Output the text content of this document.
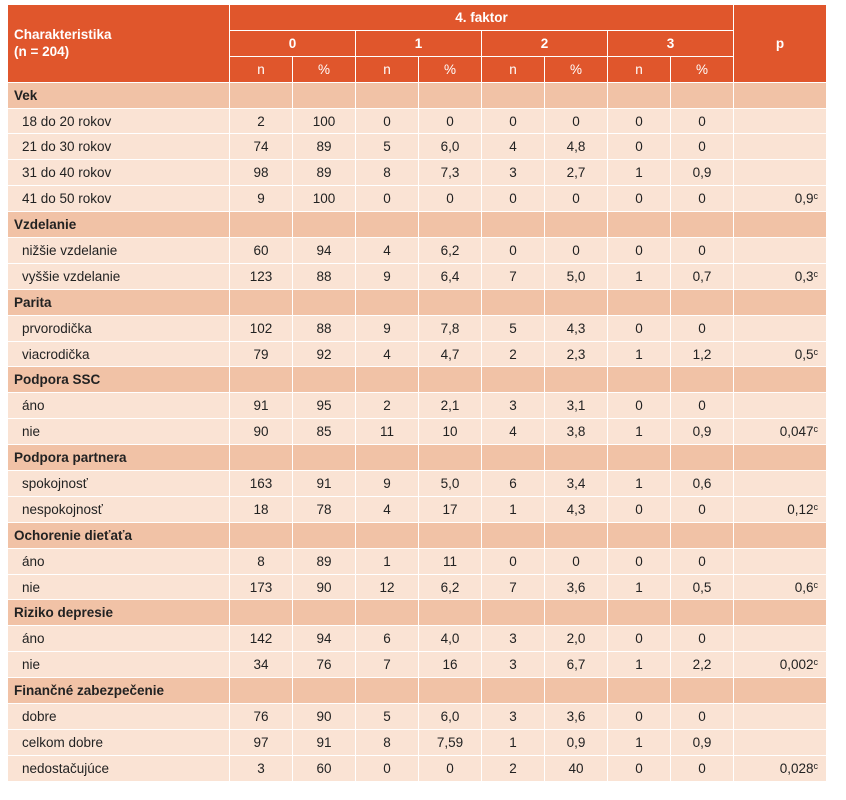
Charakteristika
(n = 204)	4. faktor								p
	0		1		2		3		
	n	%	n	%	n	%	n	%	
Vek									
18 do 20 rokov	2	100	0	0	0	0	0	0	
21 do 30 rokov	74	89	5	6,0	4	4,8	0	0	
31 do 40 rokov	98	89	8	7,3	3	2,7	1	0,9	
41 do 50 rokov	9	100	0	0	0	0	0	0	0,9$^c$
Vzdelanie									
nižšie vzdelanie	60	94	4	6,2	0	0	0	0	
vyššie vzdelanie	123	88	9	6,4	7	5,0	1	0,7	0,3$^c$
Parita									
prvorodička	102	88	9	7,8	5	4,3	0	0	
viacrodička	79	92	4	4,7	2	2,3	1	1,2	0,5$^c$
Podpora SSC									
áno	91	95	2	2,1	3	3,1	0	0	
nie	90	85	11	10	4	3,8	1	0,9	0,047$^c$
Podpora partnera									
spokojnosť	163	91	9	5,0	6	3,4	1	0,6	
nespokojnosť	18	78	4	17	1	4,3	0	0	0,12$^c$
Ochorenie dieťaťa									
áno	8	89	1	11	0	0	0	0	
nie	173	90	12	6,2	7	3,6	1	0,5	0,6$^c$
Riziko depresie									
áno	142	94	6	4,0	3	2,0	0	0	
nie	34	76	7	16	3	6,7	1	2,2	0,002$^c$
Finančné zabezpečenie									
dobre	76	90	5	6,0	3	3,6	0	0	
celkom dobre	97	91	8	7,59	1	0,9	1	0,9	
nedostačujúce	3	60	0	0	2	40	0	0	0,028$^c$
